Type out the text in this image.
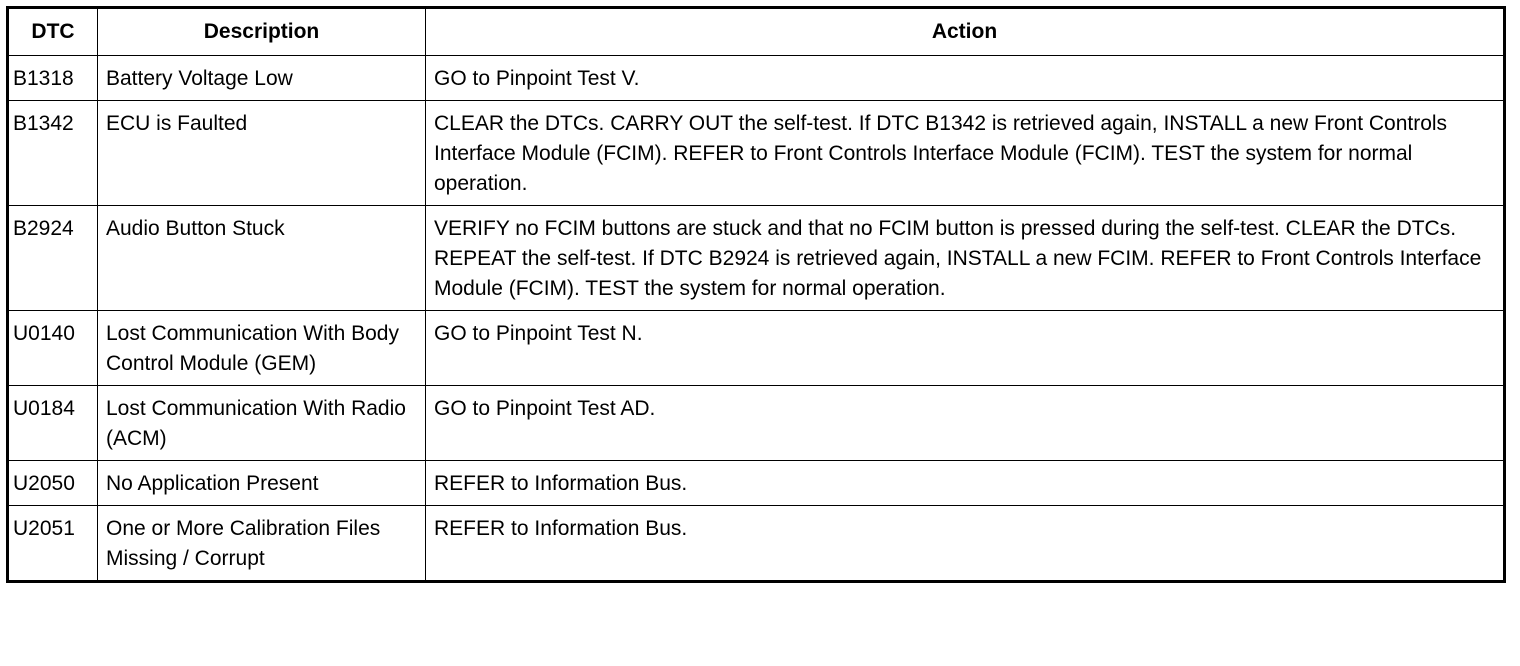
DTC	Description	Action
B1318	Battery Voltage Low	GO to Pinpoint Test V.
B1342	ECU is Faulted	CLEAR the DTCs. CARRY OUT the self-test. If DTC B1342 is retrieved again, INSTALL a new Front Controls Interface Module (FCIM). REFER to Front Controls Interface Module (FCIM). TEST the system for normal operation.
B2924	Audio Button Stuck	VERIFY no FCIM buttons are stuck and that no FCIM button is pressed during the self-test. CLEAR the DTCs. REPEAT the self-test. If DTC B2924 is retrieved again, INSTALL a new FCIM. REFER to Front Controls Interface Module (FCIM). TEST the system for normal operation.
U0140	Lost Communication With Body Control Module (GEM)	GO to Pinpoint Test N.
U0184	Lost Communication With Radio (ACM)	GO to Pinpoint Test AD.
U2050	No Application Present	REFER to Information Bus.
U2051	One or More Calibration Files Missing / Corrupt	REFER to Information Bus.
